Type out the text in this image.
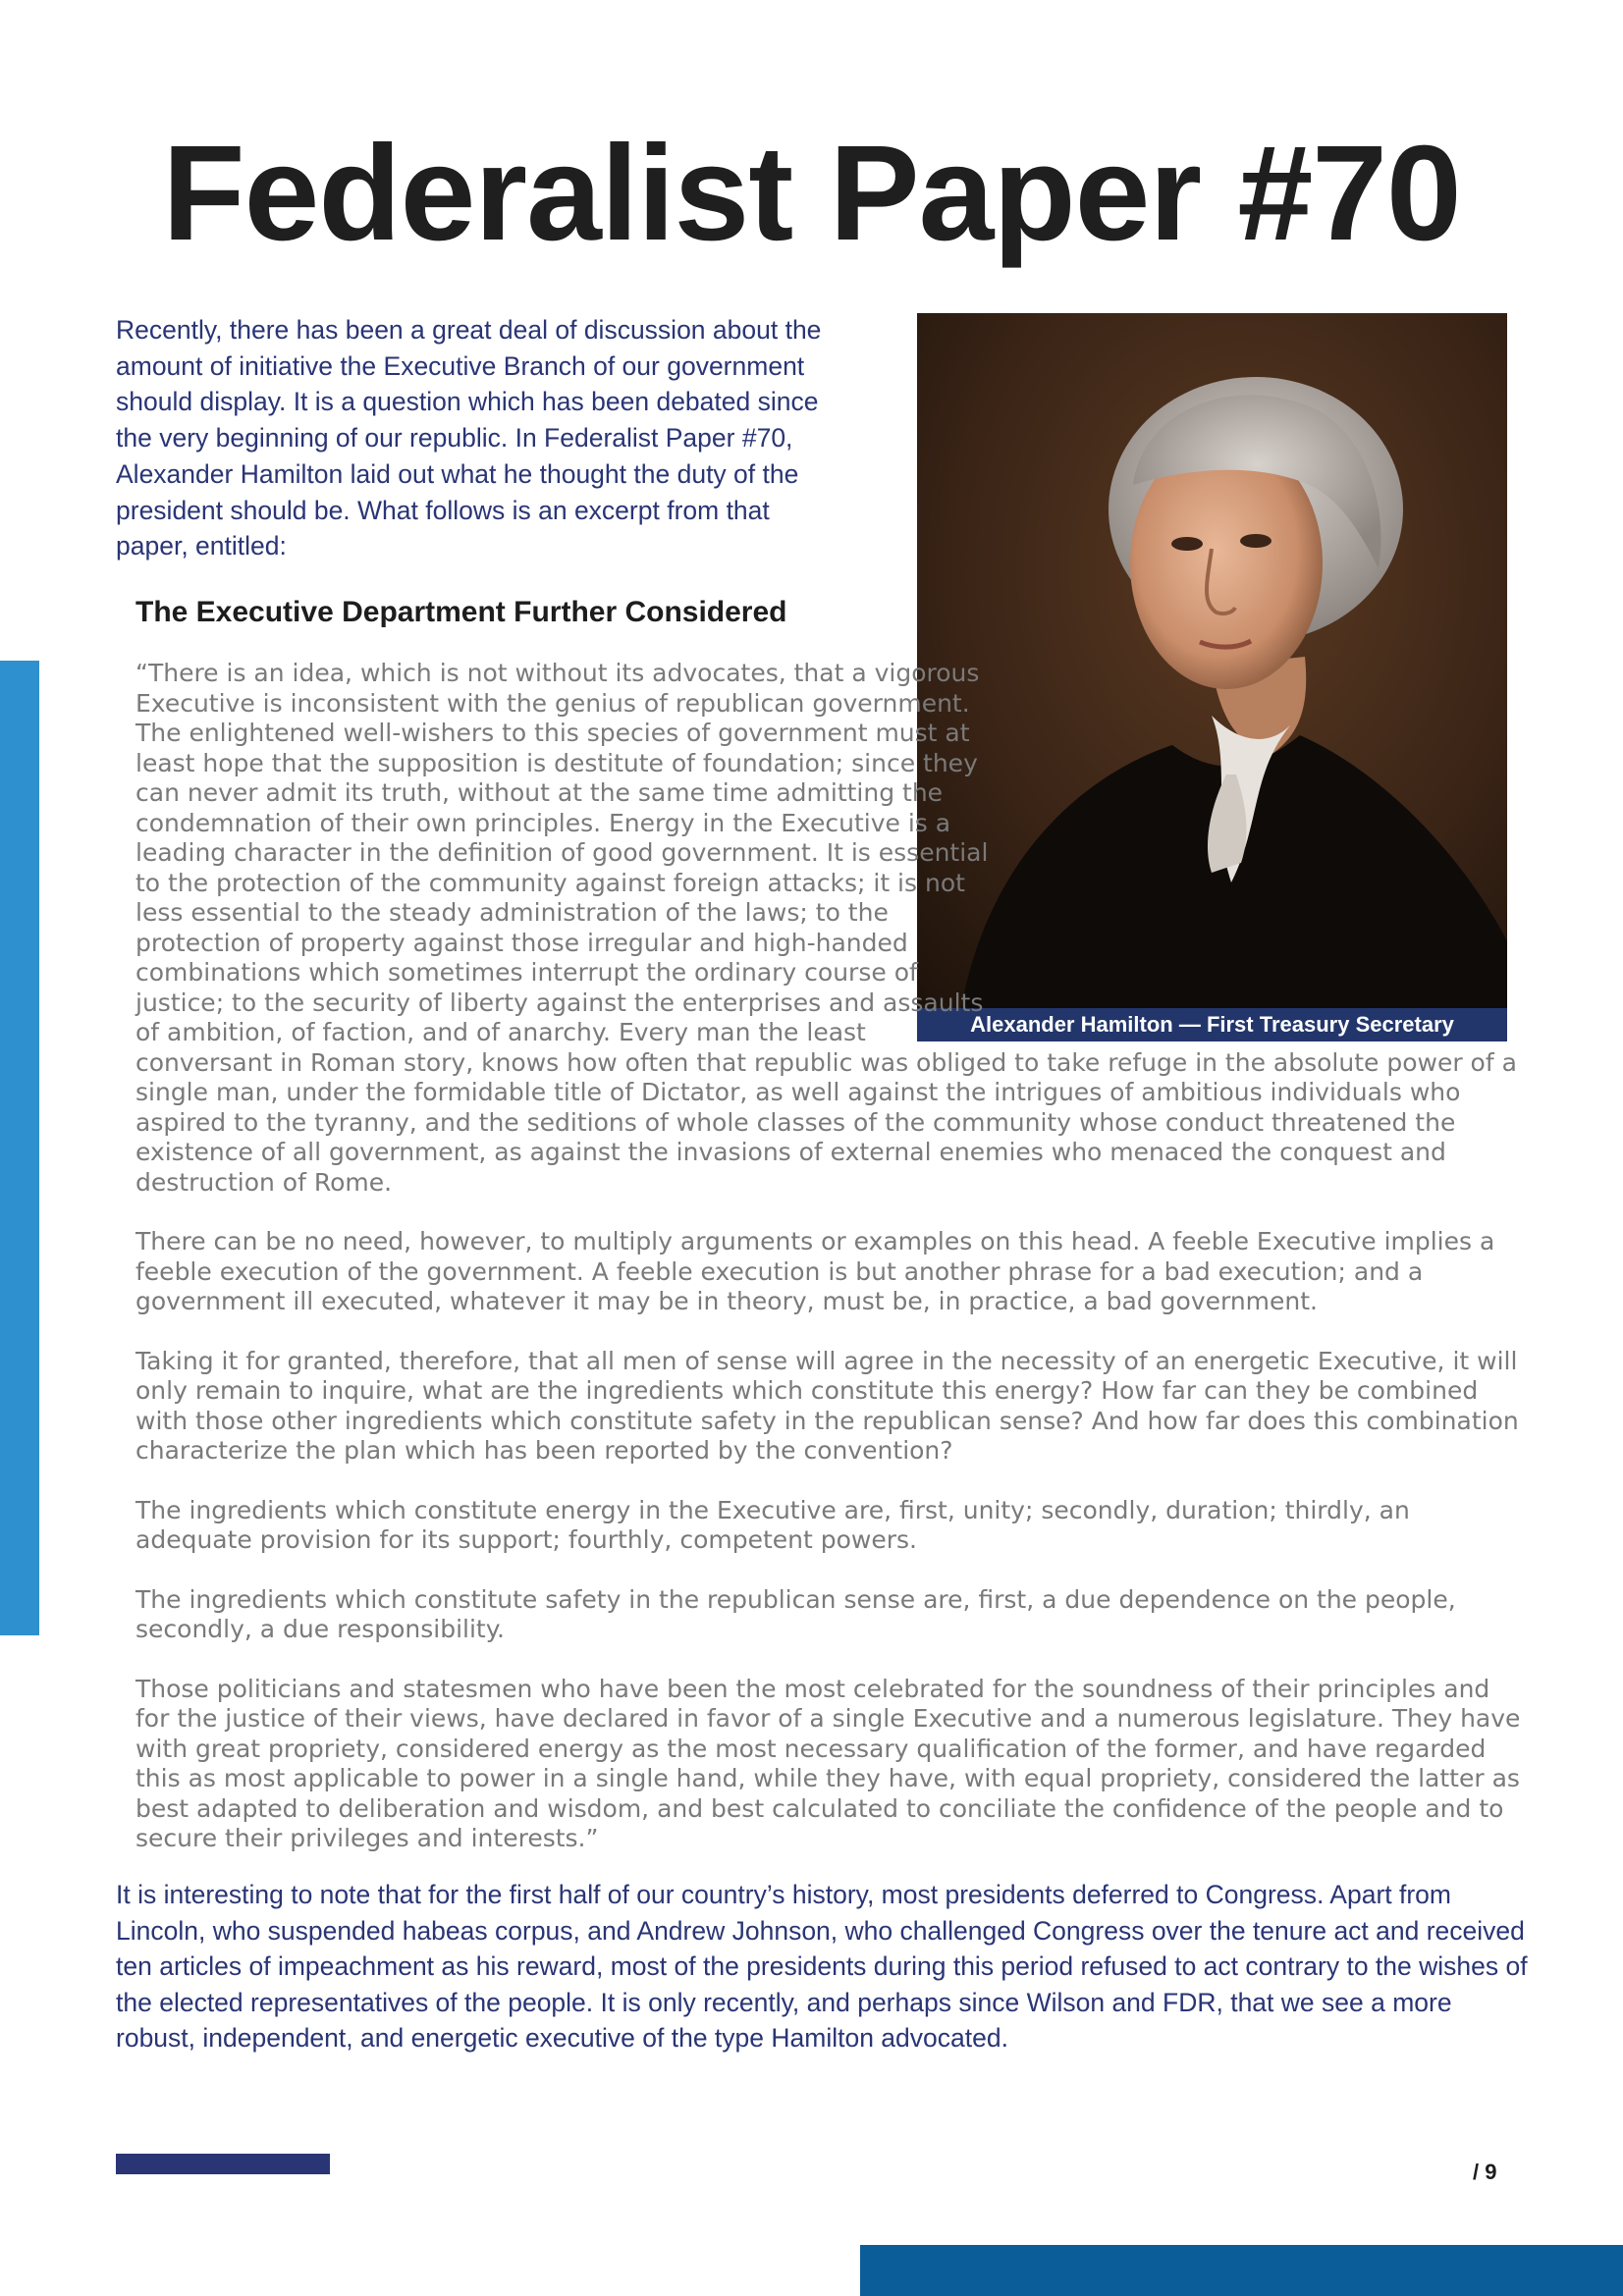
Federalist Paper #70

Recently, there has been a great deal of discussion about the amount of initiative the Executive Branch of our government should display. It is a question which has been debated since the very beginning of our republic. In Federalist Paper #70, Alexander Hamilton laid out what he thought the duty of the president should be. What follows is an excerpt from that paper, entitled:

Alexander Hamilton — First Treasury Secretary
The Executive Department Further Considered

“There is an idea, which is not without its advocates, that a vigorous Executive is inconsistent with the genius of republican government. The enlightened well-wishers to this species of government must at least hope that the supposition is destitute of foundation; since they can never admit its truth, without at the same time admitting the condemnation of their own principles. Energy in the Executive is a leading character in the definition of good government. It is essential to the protection of the community against foreign attacks; it is not less essential to the steady administration of the laws; to the protection of property against those irregular and high-handed combinations which sometimes interrupt the ordinary course of justice; to the security of liberty against the enterprises and assaults of ambition, of faction, and of anarchy. Every man the least conversant in Roman story, knows how often that republic was obliged to take refuge in the absolute power of a single man, under the formidable title of Dictator, as well against the intrigues of ambitious individuals who aspired to the tyranny, and the seditions of whole classes of the community whose conduct threatened the existence of all government, as against the invasions of external enemies who menaced the conquest and destruction of Rome.

There can be no need, however, to multiply arguments or examples on this head. A feeble Executive implies a feeble execution of the government. A feeble execution is but another phrase for a bad execution; and a government ill executed, whatever it may be in theory, must be, in practice, a bad government.

Taking it for granted, therefore, that all men of sense will agree in the necessity of an energetic Executive, it will only remain to inquire, what are the ingredients which constitute this energy? How far can they be combined with those other ingredients which constitute safety in the republican sense? And how far does this combination characterize the plan which has been reported by the convention?

The ingredients which constitute energy in the Executive are, first, unity; secondly, duration; thirdly, an adequate provision for its support; fourthly, competent powers.

The ingredients which constitute safety in the republican sense are, first, a due dependence on the people, secondly, a due responsibility.

Those politicians and statesmen who have been the most celebrated for the soundness of their principles and for the justice of their views, have declared in favor of a single Executive and a numerous legislature. They have with great propriety, considered energy as the most necessary qualification of the former, and have regarded this as most applicable to power in a single hand, while they have, with equal propriety, considered the latter as best adapted to deliberation and wisdom, and best calculated to conciliate the confidence of the people and to secure their privileges and interests.”

It is interesting to note that for the first half of our country’s history, most presidents deferred to Congress. Apart from Lincoln, who suspended habeas corpus, and Andrew Johnson, who challenged Congress over the tenure act and received ten articles of impeachment as his reward, most of the presidents during this period refused to act contrary to the wishes of the elected representatives of the people. It is only recently, and perhaps since Wilson and FDR, that we see a more robust, independent, and energetic executive of the type Hamilton advocated.

/ 9
